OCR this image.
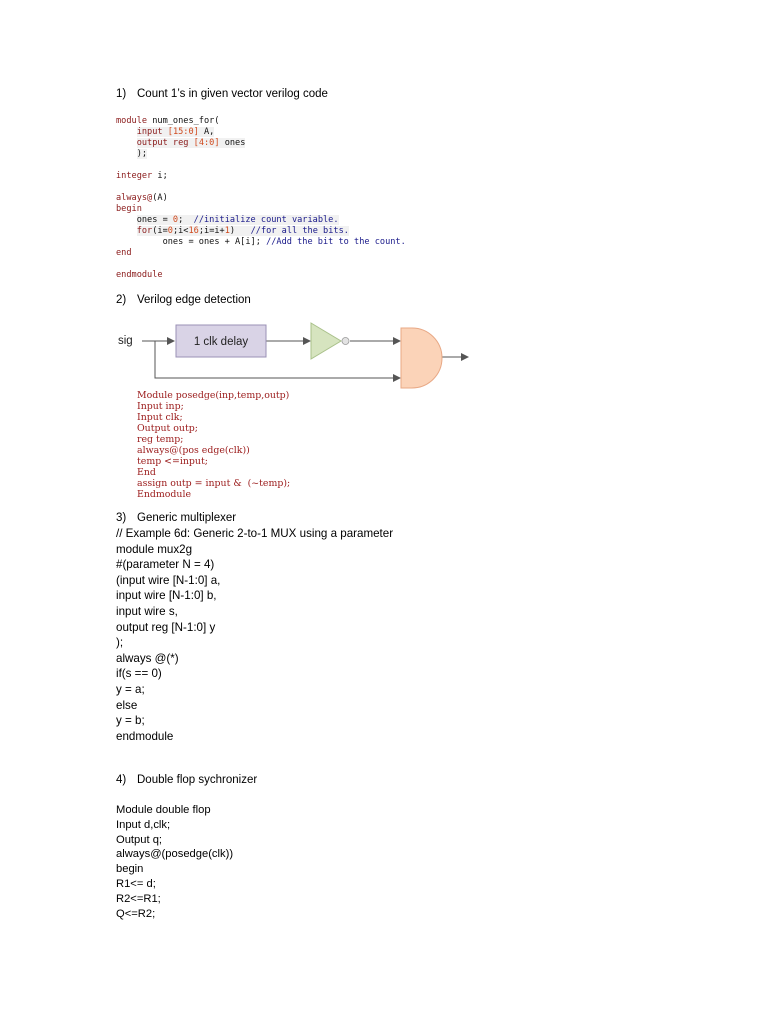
1) Count 1’s in given vector verilog code
module num_ones_for(
input [15:0] A,
output reg [4:0] ones
);

integer i;

always@(A)
begin
ones = 0;  //initialize count variable.
for(i=0;i<16;i=i+1)   //for all the bits.
ones = ones + A[i]; //Add the bit to the count.
end

endmodule
2) Verilog edge detection
sig	1 clk delay
Module posedge(inp,temp,outp)
Input inp;
Input clk;
Output outp;
reg temp;
always@(pos edge(clk))
temp <=input;
End
assign outp = input &  (~temp);
Endmodule
3) Generic multiplexer
// Example 6d: Generic 2-to-1 MUX using a parameter
module mux2g
#(parameter N = 4)
(input wire [N-1:0] a,
input wire [N-1:0] b,
input wire s,
output reg [N-1:0] y
);
always @(*)
if(s == 0)
y = a;
else
y = b;
endmodule
4) Double flop sychronizer
Module double flop
Input d,clk;
Output q;
always@(posedge(clk))
begin
R1<= d;
R2<=R1;
Q<=R2;
